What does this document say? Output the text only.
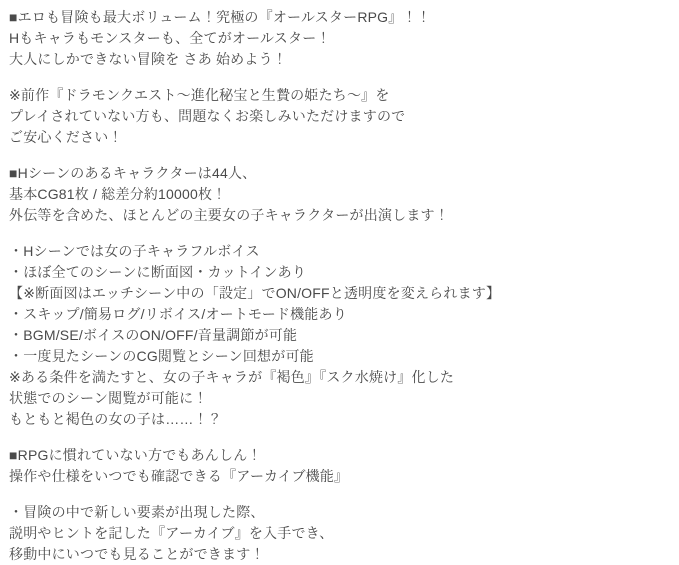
■エロも冒険も最大ボリューム！究極の『オールスターRPG』！！
Hもキャラもモンスターも、全てがオールスター！
大人にしかできない冒険を さあ 始めよう！
※前作『ドラモンクエスト～進化秘宝と生贄の姫たち～』を
プレイされていない方も、問題なくお楽しみいただけますので
ご安心ください！
■Hシーンのあるキャラクターは44人、
基本CG81枚 / 総差分約10000枚！
外伝等を含めた、ほとんどの主要女の子キャラクターが出演します！
・Hシーンでは女の子キャラフルボイス
・ほぼ全てのシーンに断面図・カットインあり
【※断面図はエッチシーン中の「設定」でON/OFFと透明度を変えられます】
・スキップ/簡易ログ/リボイス/オートモード機能あり
・BGM/SE/ボイスのON/OFF/音量調節が可能
・一度見たシーンのCG閲覧とシーン回想が可能
※ある条件を満たすと、女の子キャラが『褐色』『スク水焼け』化した
状態でのシーン閲覧が可能に！
もともと褐色の女の子は……！？
■RPGに慣れていない方でもあんしん！
操作や仕様をいつでも確認できる『アーカイブ機能』
・冒険の中で新しい要素が出現した際、
説明やヒントを記した『アーカイブ』を入手でき、
移動中にいつでも見ることができます！
